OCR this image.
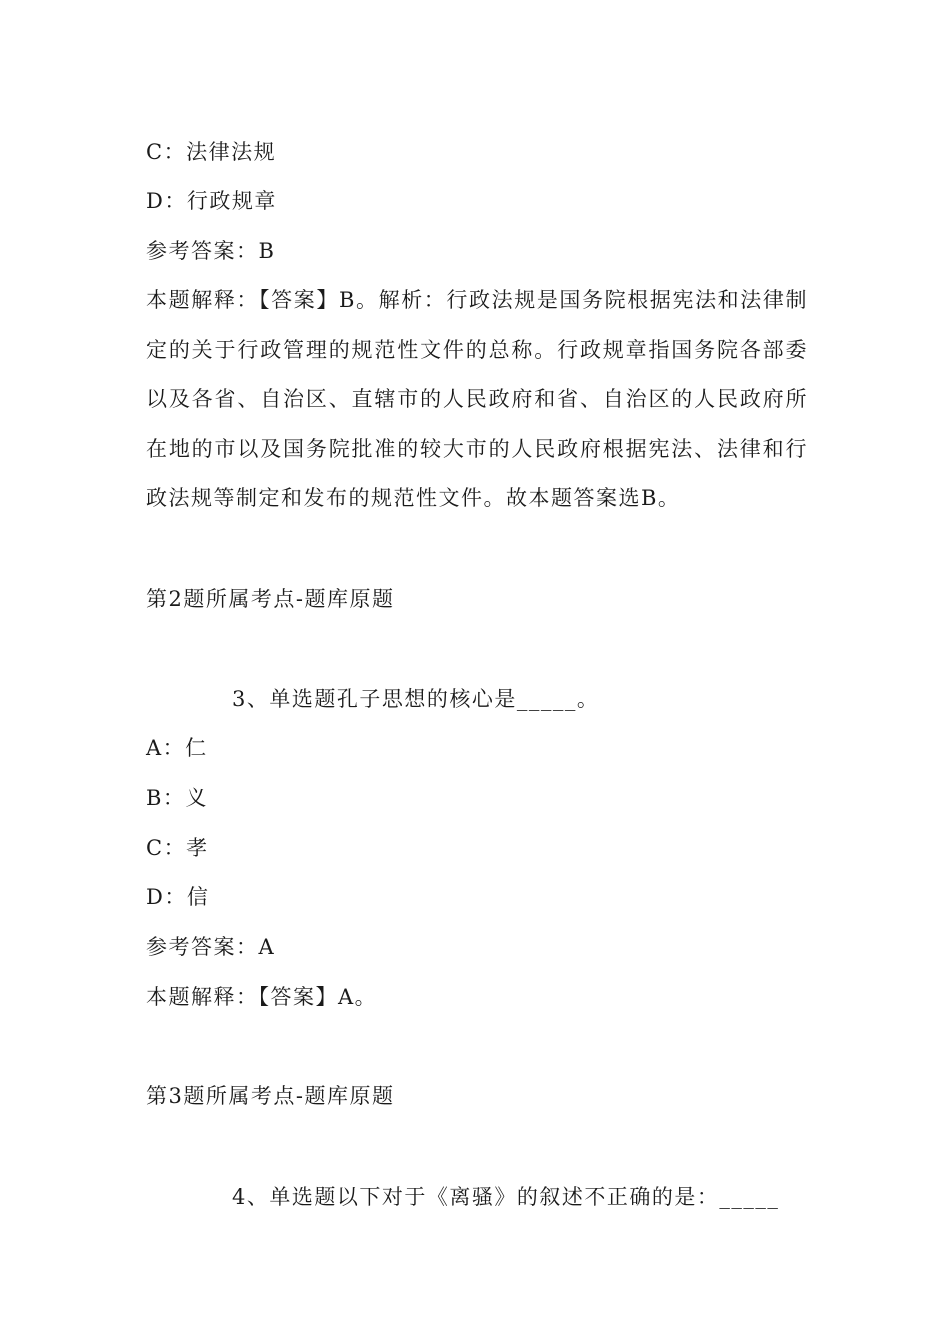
C：法律法规
D：行政规章
参考答案：B
本题解释：【答案】B。解析：行政法规是国务院根据宪法和法律制定的关于行政管理的规范性文件的总称。行政规章指国务院各部委以及各省、自治区、直辖市的人民政府和省、自治区的人民政府所在地的市以及国务院批准的较大市的人民政府根据宪法、法律和行政法规等制定和发布的规范性文件。故本题答案选B。
第2题所属考点-题库原题
3、单选题孔子思想的核心是_____。
A：仁
B：义
C：孝
D：信
参考答案：A
本题解释：【答案】A。
第3题所属考点-题库原题
4、单选题以下对于《离骚》的叙述不正确的是：_____
